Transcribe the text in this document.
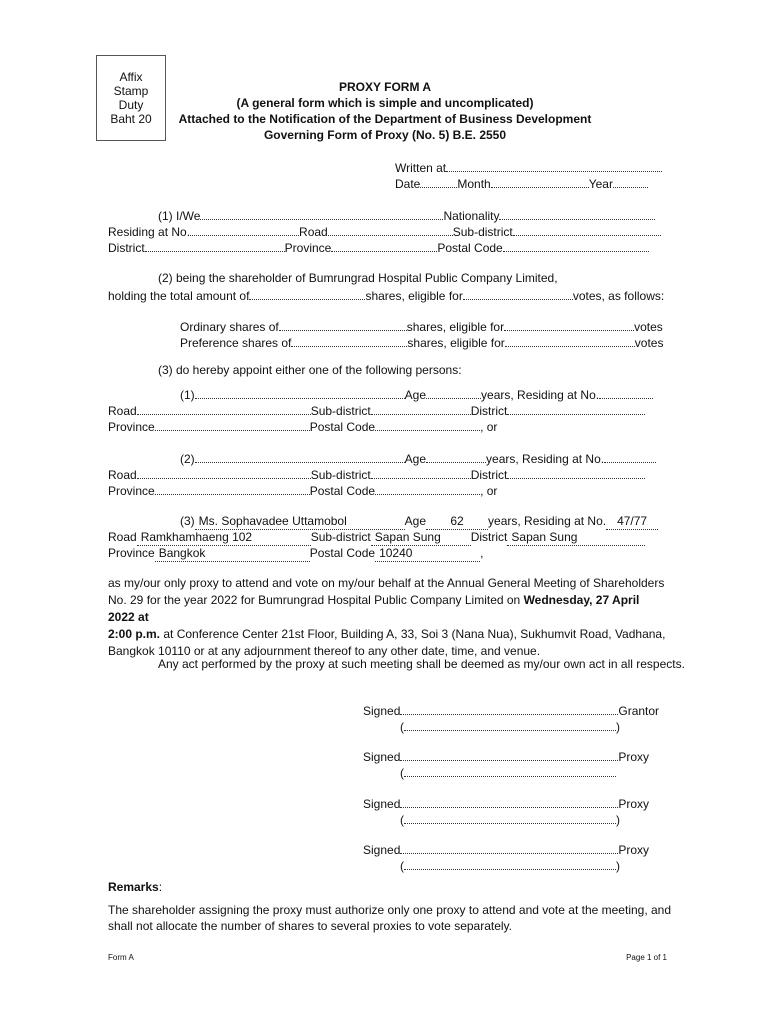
Affix
Stamp
Duty
Baht 20
PROXY FORM A
(A general form which is simple and uncomplicated)
Attached to the Notification of the Department of Business Development
Governing Form of Proxy (No. 5) B.E. 2550
Written at
Date	Month	Year
(1) I/We	Nationality
Residing at No.	Road	Sub-district
District	Province	Postal Code
(2) being the shareholder of Bumrungrad Hospital Public Company Limited,
holding the total amount of	shares, eligible for	votes, as follows:
Ordinary shares of	shares, eligible for	votes
Preference shares of	shares, eligible for	votes
(3) do hereby appoint either one of the following persons:
(1)	Age	years, Residing at No.
Road	Sub-district	District
Province	Postal Code	, or
(2)	Age	years, Residing at No.
Road	Sub-district	District
Province	Postal Code	, or
(3) Ms. Sophavadee Uttamobol	Age 62 years, Residing at No. 47/77
Road Ramkhamhaeng 102	Sub-district Sapan Sung District Sapan Sung
Province Bangkok	Postal Code 10240	,
as my/our only proxy to attend and vote on my/our behalf at the Annual General Meeting of Shareholders
No. 29 for the year 2022 for Bumrungrad Hospital Public Company Limited on Wednesday, 27 April 2022 at
2:00 p.m. at Conference Center 21st Floor, Building A, 33, Soi 3 (Nana Nua), Sukhumvit Road, Vadhana,
Bangkok 10110 or at any adjournment thereof to any other date, time, and venue.
Any act performed by the proxy at such meeting shall be deemed as my/our own act in all respects.
Signed	Grantor
(	)
Signed	Proxy
(
Signed	Proxy
(	)
Signed	Proxy
(	)
Remarks:
The shareholder assigning the proxy must authorize only one proxy to attend and vote at the meeting, and
shall not allocate the number of shares to several proxies to vote separately.
Form A	Page 1 of 1
